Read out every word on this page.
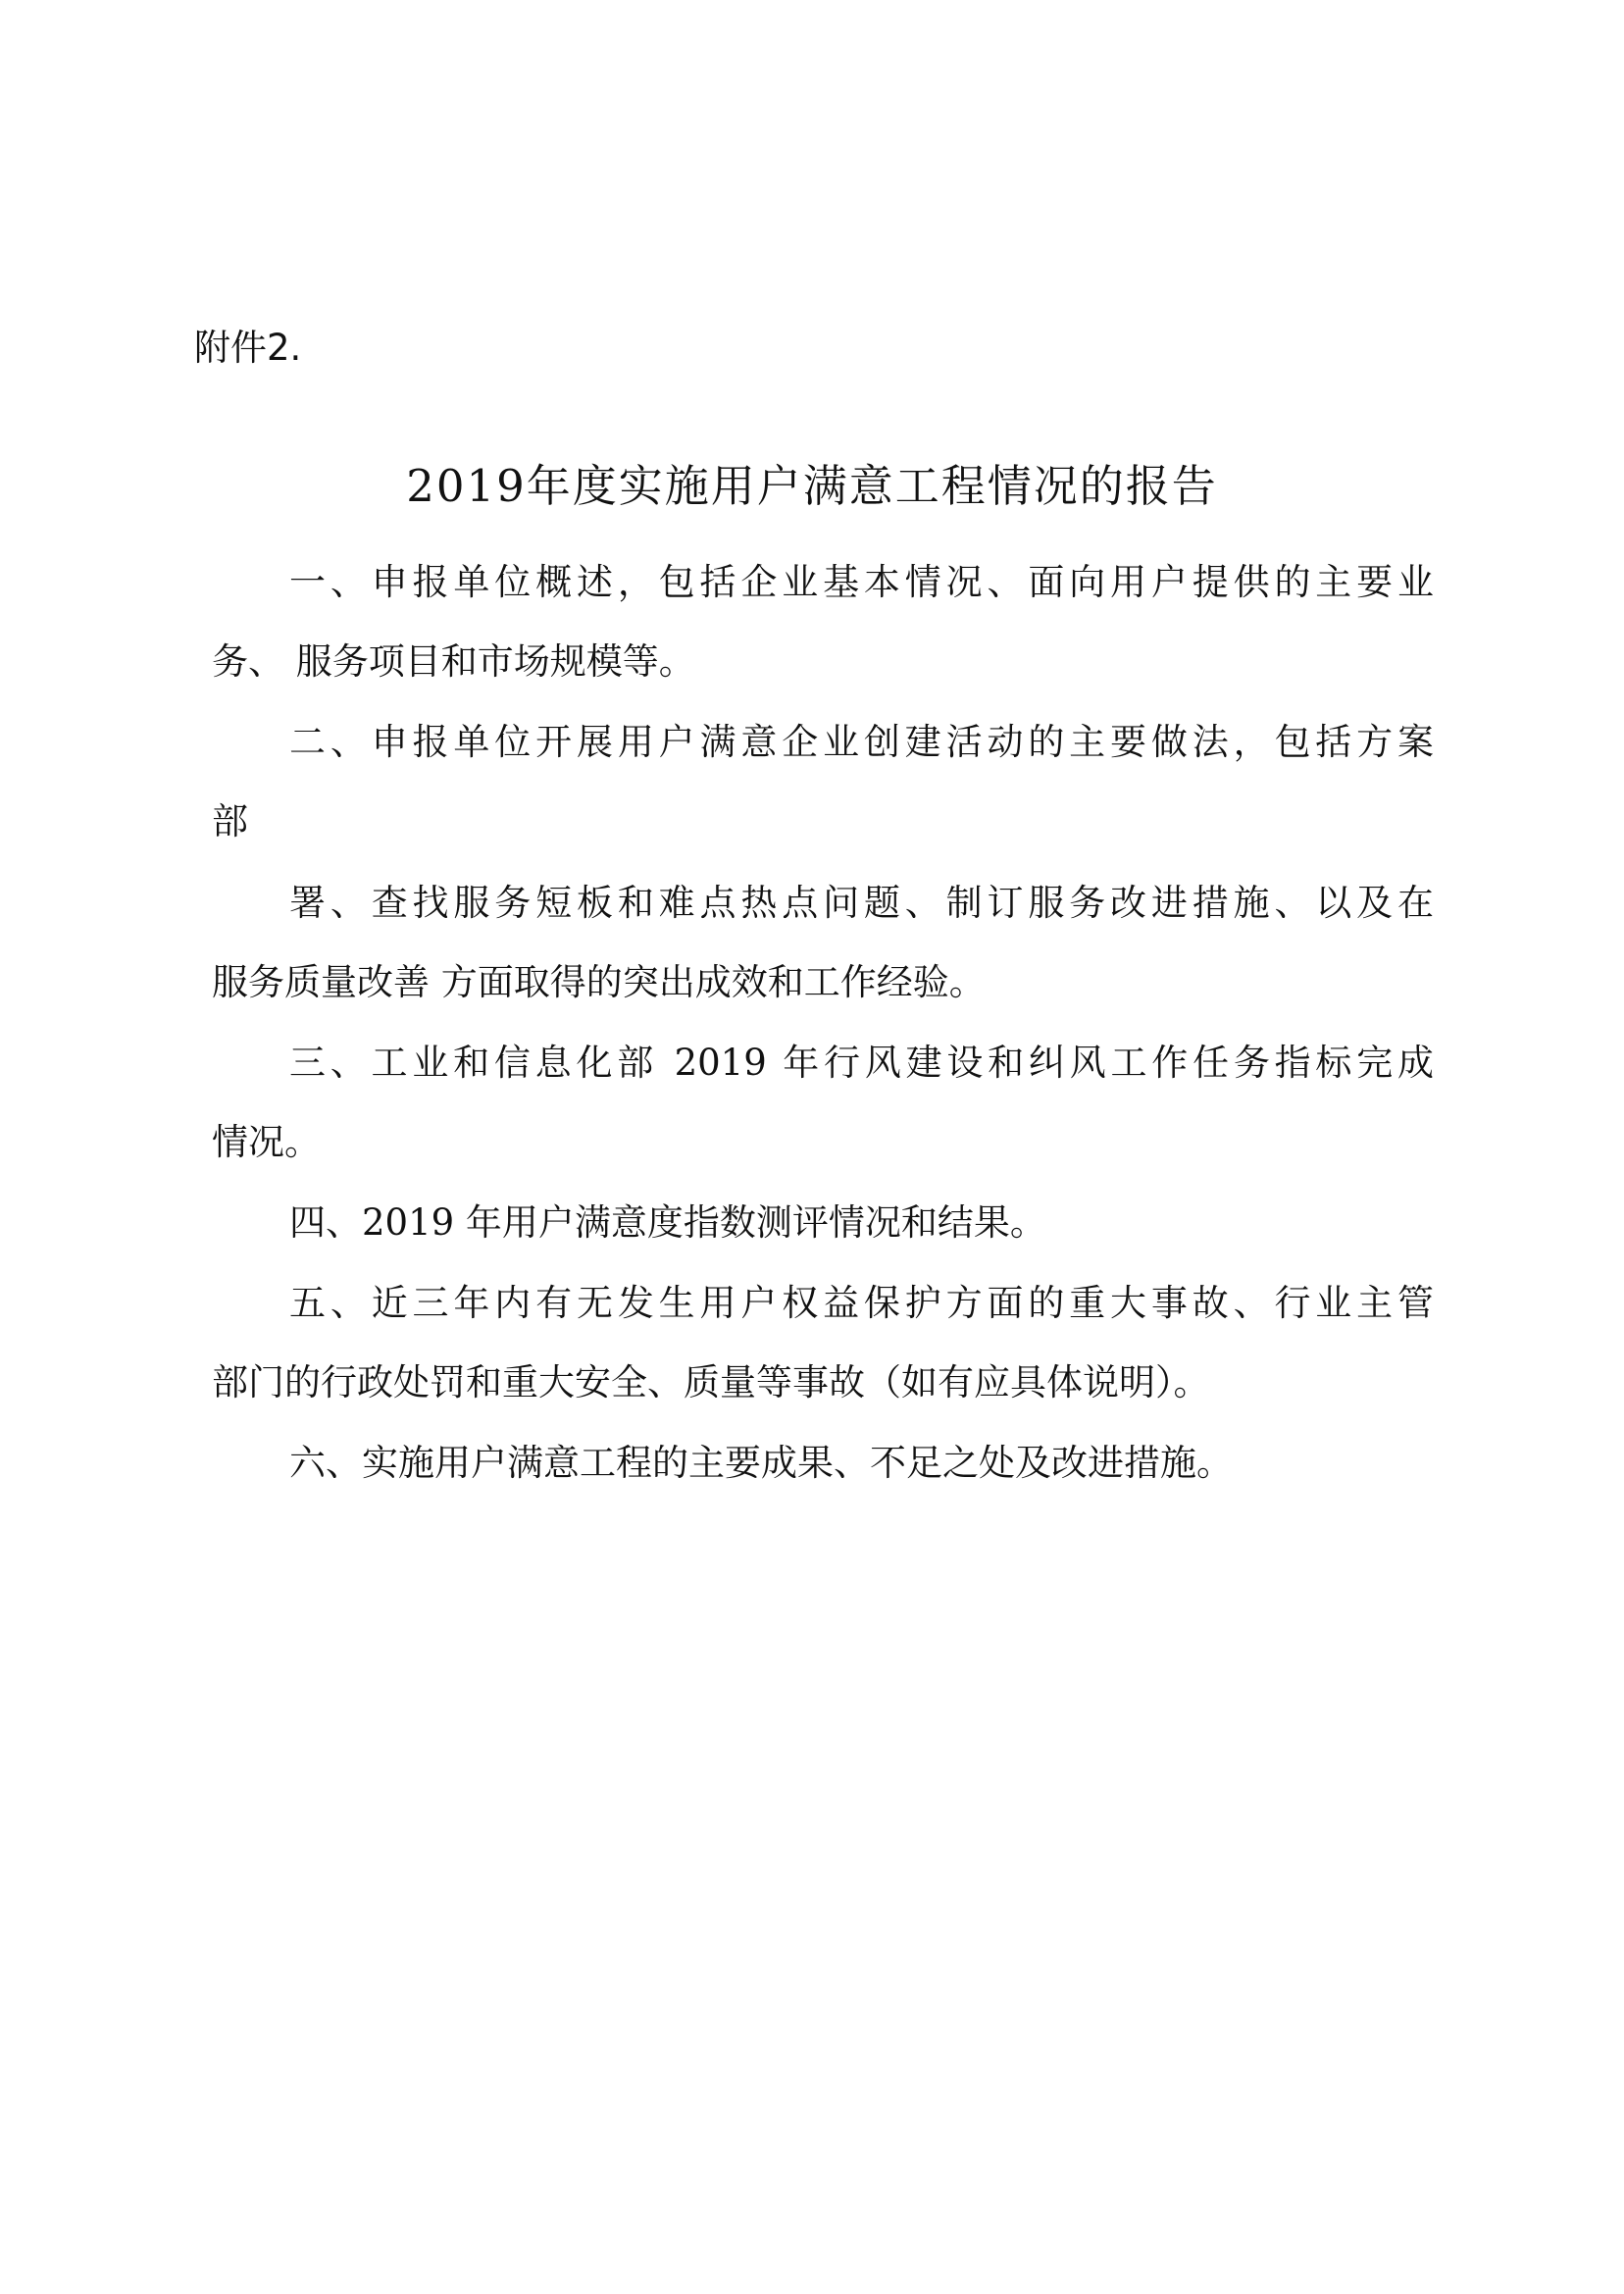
附件2.
2019年度实施用户满意工程情况的报告
一、申报单位概述，包括企业基本情况、面向用户提供的主要业
务、 服务项目和市场规模等。
二、申报单位开展用户满意企业创建活动的主要做法，包括方案
部
署、查找服务短板和难点热点问题、制订服务改进措施、以及在
服务质量改善 方面取得的突出成效和工作经验。
三、工业和信息化部 2019 年行风建设和纠风工作任务指标完成
情况。
四、2019 年用户满意度指数测评情况和结果。
五、近三年内有无发生用户权益保护方面的重大事故、行业主管
部门的行政处罚和重大安全、质量等事故（如有应具体说明）。
六、实施用户满意工程的主要成果、不足之处及改进措施。
